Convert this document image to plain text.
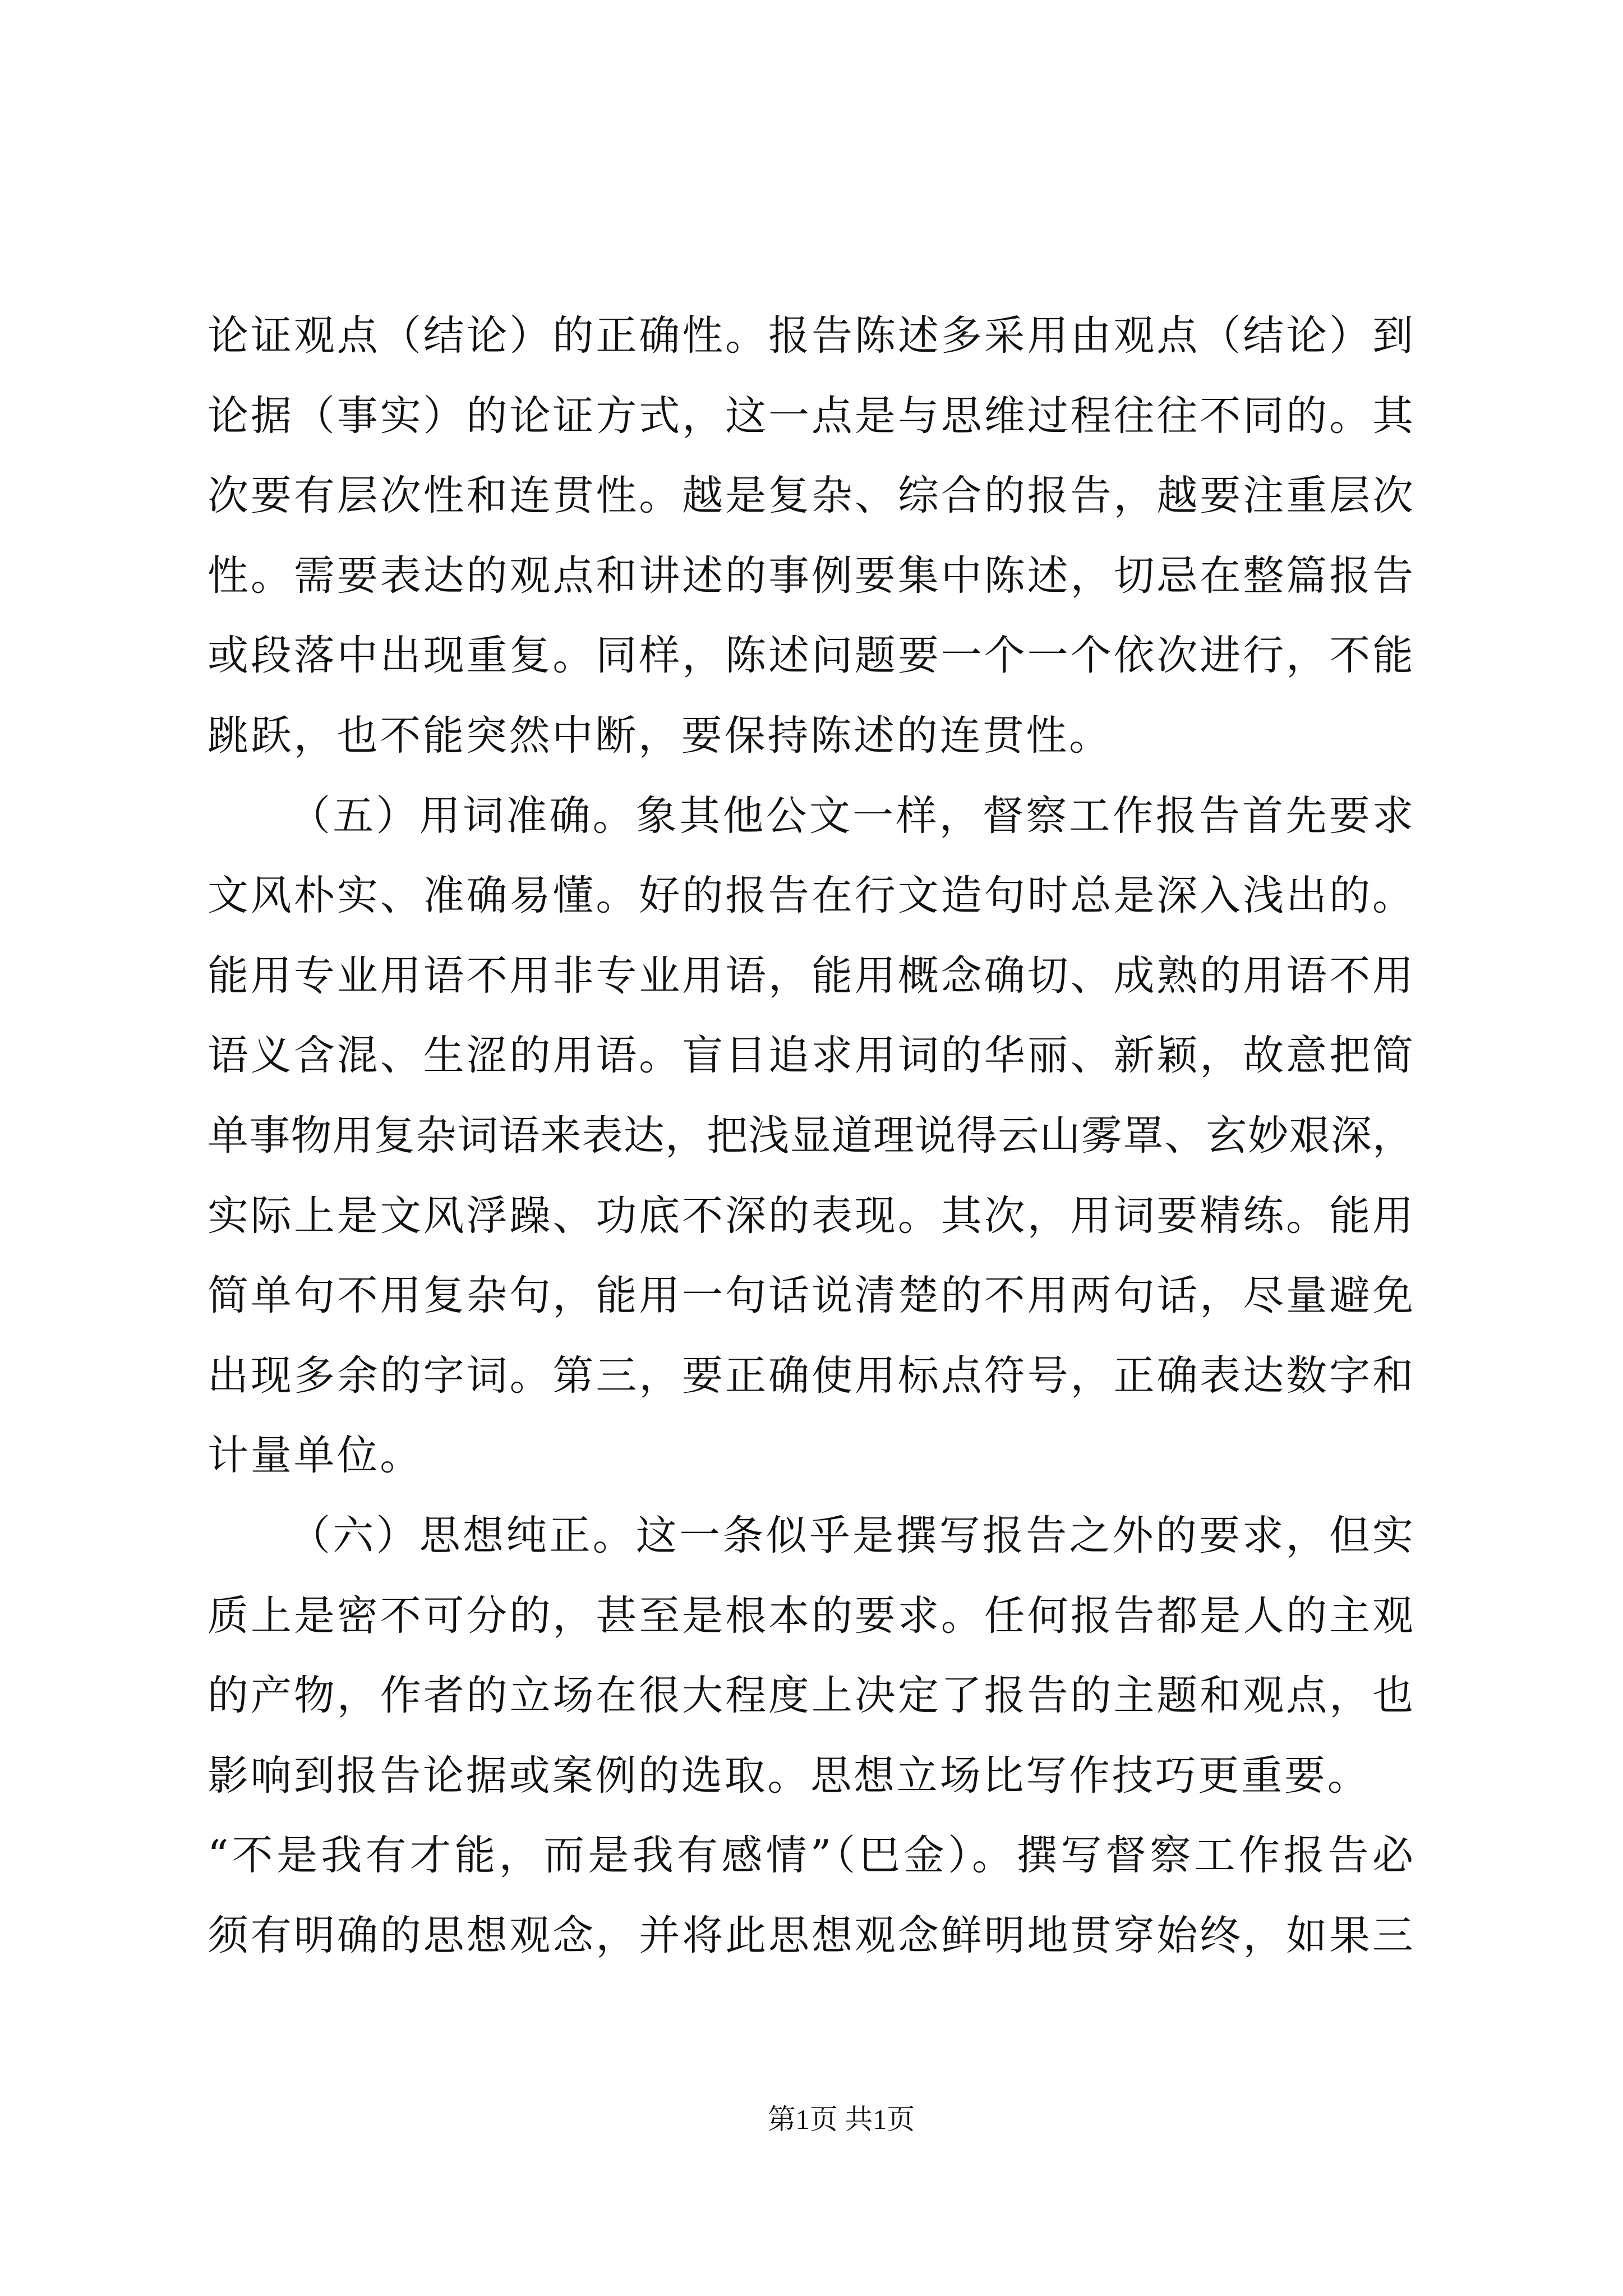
论证观点（结论）的正确性。报告陈述多采用由观点（结论）到
论据（事实）的论证方式，这一点是与思维过程往往不同的。其
次要有层次性和连贯性。越是复杂、综合的报告，越要注重层次
性。需要表达的观点和讲述的事例要集中陈述，切忌在整篇报告
或段落中出现重复。同样，陈述问题要一个一个依次进行，不能
跳跃，也不能突然中断，要保持陈述的连贯性。
（五）用词准确。象其他公文一样，督察工作报告首先要求
文风朴实、准确易懂。好的报告在行文造句时总是深入浅出的。
能用专业用语不用非专业用语，能用概念确切、成熟的用语不用
语义含混、生涩的用语。盲目追求用词的华丽、新颖，故意把简
单事物用复杂词语来表达，把浅显道理说得云山雾罩、玄妙艰深，
实际上是文风浮躁、功底不深的表现。其次，用词要精练。能用
简单句不用复杂句，能用一句话说清楚的不用两句话，尽量避免
出现多余的字词。第三，要正确使用标点符号，正确表达数字和
计量单位。
（六）思想纯正。这一条似乎是撰写报告之外的要求，但实
质上是密不可分的，甚至是根本的要求。任何报告都是人的主观
的产物，作者的立场在很大程度上决定了报告的主题和观点，也
影响到报告论据或案例的选取。思想立场比写作技巧更重要。
“不是我有才能，而是我有感情”（巴金）。撰写督察工作报告必
须有明确的思想观念，并将此思想观念鲜明地贯穿始终，如果三
第1页 共1页
